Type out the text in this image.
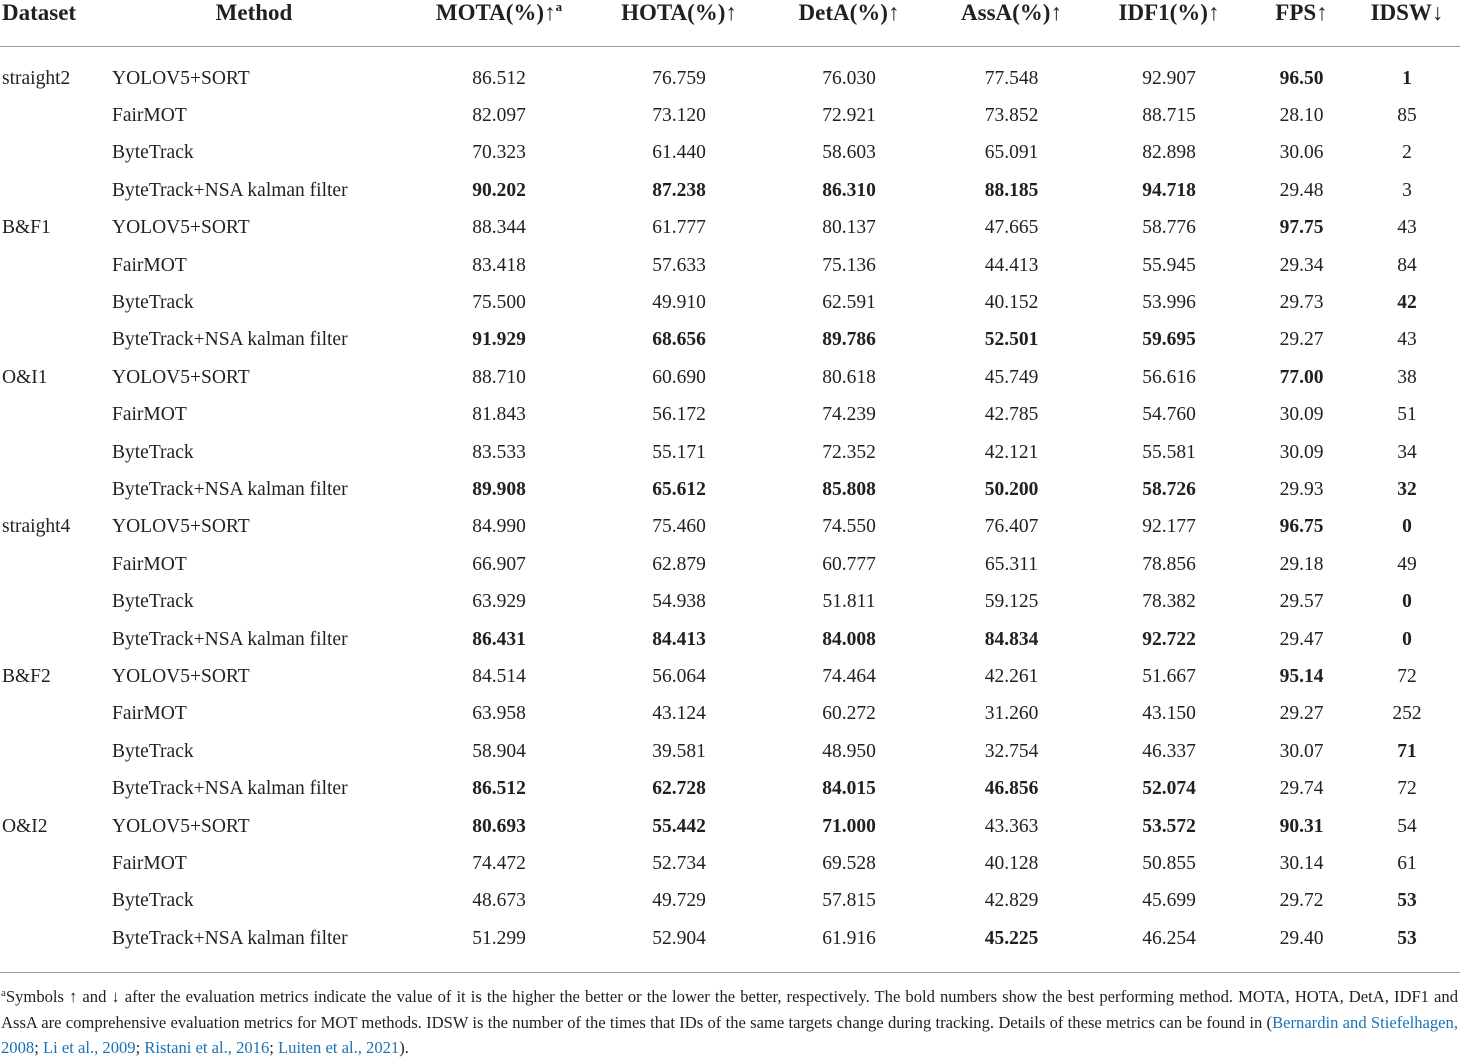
Dataset	Method	MOTA(%)↑$^a$	HOTA(%)↑	DetA(%)↑	AssA(%)↑	IDF1(%)↑	FPS↑	IDSW↓
straight2	YOLOV5+SORT	86.512	76.759	76.030	77.548	92.907	96.50	1
	FairMOT	82.097	73.120	72.921	73.852	88.715	28.10	85
	ByteTrack	70.323	61.440	58.603	65.091	82.898	30.06	2
	ByteTrack+NSA kalman filter	90.202	87.238	86.310	88.185	94.718	29.48	3
B&F1	YOLOV5+SORT	88.344	61.777	80.137	47.665	58.776	97.75	43
	FairMOT	83.418	57.633	75.136	44.413	55.945	29.34	84
	ByteTrack	75.500	49.910	62.591	40.152	53.996	29.73	42
	ByteTrack+NSA kalman filter	91.929	68.656	89.786	52.501	59.695	29.27	43
O&I1	YOLOV5+SORT	88.710	60.690	80.618	45.749	56.616	77.00	38
	FairMOT	81.843	56.172	74.239	42.785	54.760	30.09	51
	ByteTrack	83.533	55.171	72.352	42.121	55.581	30.09	34
	ByteTrack+NSA kalman filter	89.908	65.612	85.808	50.200	58.726	29.93	32
straight4	YOLOV5+SORT	84.990	75.460	74.550	76.407	92.177	96.75	0
	FairMOT	66.907	62.879	60.777	65.311	78.856	29.18	49
	ByteTrack	63.929	54.938	51.811	59.125	78.382	29.57	0
	ByteTrack+NSA kalman filter	86.431	84.413	84.008	84.834	92.722	29.47	0
B&F2	YOLOV5+SORT	84.514	56.064	74.464	42.261	51.667	95.14	72
	FairMOT	63.958	43.124	60.272	31.260	43.150	29.27	252
	ByteTrack	58.904	39.581	48.950	32.754	46.337	30.07	71
	ByteTrack+NSA kalman filter	86.512	62.728	84.015	46.856	52.074	29.74	72
O&I2	YOLOV5+SORT	80.693	55.442	71.000	43.363	53.572	90.31	54
	FairMOT	74.472	52.734	69.528	40.128	50.855	30.14	61
	ByteTrack	48.673	49.729	57.815	42.829	45.699	29.72	53
	ByteTrack+NSA kalman filter	51.299	52.904	61.916	45.225	46.254	29.40	53
$^a$Symbols ↑ and ↓ after the evaluation metrics indicate the value of it is the higher the better or the lower the better, respectively. The bold numbers show the best performing method. MOTA, HOTA, DetA, IDF1 and AssA are comprehensive evaluation metrics for MOT methods. IDSW is the number of the times that IDs of the same targets change during tracking. Details of these metrics can be found in (Bernardin and Stiefelhagen, 2008; Li et al., 2009; Ristani et al., 2016; Luiten et al., 2021).
